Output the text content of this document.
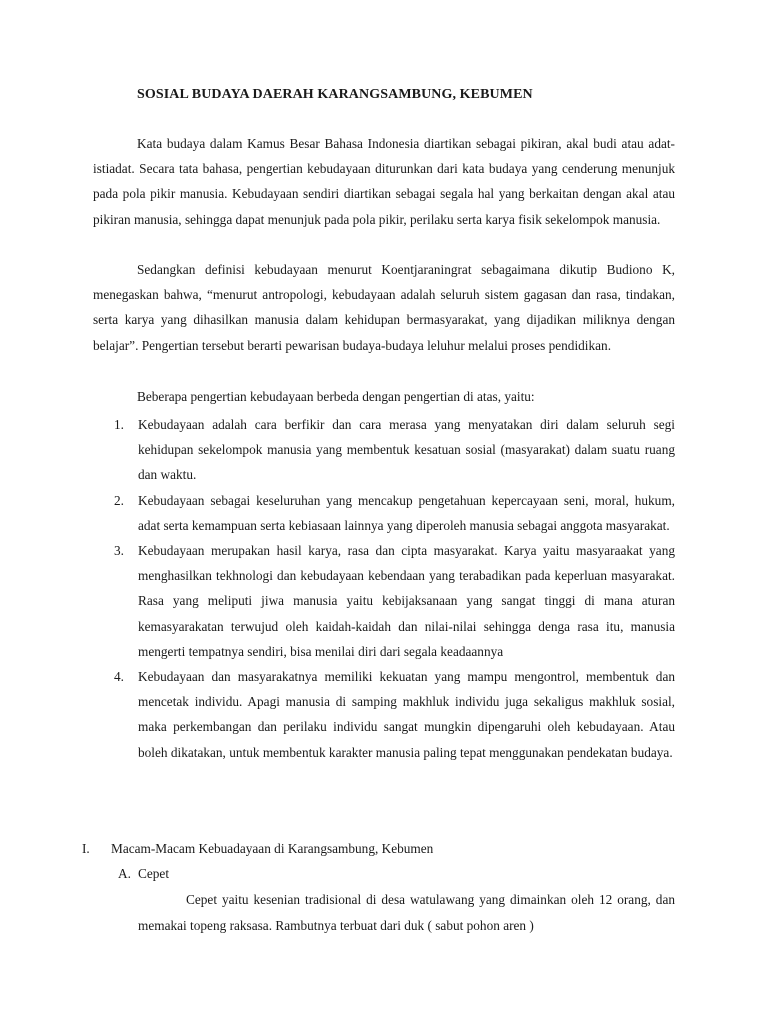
SOSIAL BUDAYA DAERAH KARANGSAMBUNG, KEBUMEN

Kata budaya dalam Kamus Besar Bahasa Indonesia diartikan sebagai pikiran, akal budi atau adat-istiadat. Secara tata bahasa, pengertian kebudayaan diturunkan dari kata budaya yang cenderung menunjuk pada pola pikir manusia. Kebudayaan sendiri diartikan sebagai segala hal yang berkaitan dengan akal atau pikiran manusia, sehingga dapat menunjuk pada pola pikir, perilaku serta karya fisik sekelompok manusia.

Sedangkan definisi kebudayaan menurut Koentjaraningrat sebagaimana dikutip Budiono K, menegaskan bahwa, “menurut antropologi, kebudayaan adalah seluruh sistem gagasan dan rasa, tindakan, serta karya yang dihasilkan manusia dalam kehidupan bermasyarakat, yang dijadikan miliknya dengan belajar”. Pengertian tersebut berarti pewarisan budaya-budaya leluhur melalui proses pendidikan.

Beberapa pengertian kebudayaan berbeda dengan pengertian di atas, yaitu:

1. Kebudayaan adalah cara berfikir dan cara merasa yang menyatakan diri dalam seluruh segi kehidupan sekelompok manusia yang membentuk kesatuan sosial (masyarakat) dalam suatu ruang dan waktu.
2. Kebudayaan sebagai keseluruhan yang mencakup pengetahuan kepercayaan seni, moral, hukum, adat serta kemampuan serta kebiasaan lainnya yang diperoleh manusia sebagai anggota masyarakat.
3. Kebudayaan merupakan hasil karya, rasa dan cipta masyarakat. Karya yaitu masyaraakat yang menghasilkan tekhnologi dan kebudayaan kebendaan yang terabadikan pada keperluan masyarakat. Rasa yang meliputi jiwa manusia yaitu kebijaksanaan yang sangat tinggi di mana aturan kemasyarakatan terwujud oleh kaidah-kaidah dan nilai-nilai sehingga denga rasa itu, manusia mengerti tempatnya sendiri, bisa menilai diri dari segala keadaannya
4. Kebudayaan dan masyarakatnya memiliki kekuatan yang mampu mengontrol, membentuk dan mencetak individu. Apagi manusia di samping makhluk individu juga sekaligus makhluk sosial, maka perkembangan dan perilaku individu sangat mungkin dipengaruhi oleh kebudayaan. Atau boleh dikatakan, untuk membentuk karakter manusia paling tepat menggunakan pendekatan budaya.
I. Macam-Macam Kebuadayaan di Karangsambung, Kebumen
A. Cepet

Cepet yaitu kesenian tradisional di desa watulawang yang dimainkan oleh 12 orang, dan memakai topeng raksasa. Rambutnya terbuat dari duk ( sabut pohon aren )
